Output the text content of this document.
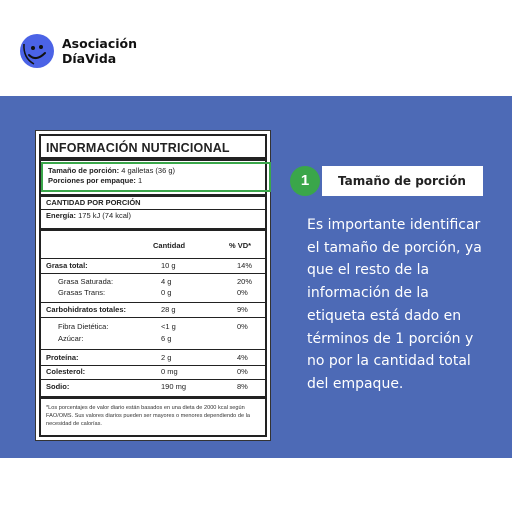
Asociación
DíaVida
INFORMACIÓN NUTRICIONAL
Tamaño de porción: 4 galletas (36 g)
Porciones por empaque: 1
CANTIDAD POR PORCIÓN
Energía: 175 kJ (74 kcal)
Cantidad	% VD*
Grasa total:	10 g	14%
Grasa Saturada:	4 g	20%
Grasas Trans:	0 g	0%
Carbohidratos totales:	28 g	9%
Fibra Dietética:	<1 g	0%
Azúcar:	6 g
Proteína:	2 g	4%
Colesterol:	0 mg	0%
Sodio:	190 mg	8%
*Los porcentajes de valor diario están basados en una dieta de 2000 kcal según FAO/OMS. Sus valores diarios pueden ser mayores o menores dependiendo de la necesidad de calorías.
1	Tamaño de porción
Es importante identificar el tamaño de porción, ya que el resto de la información de la etiqueta está dado en términos de 1 porción y no por la cantidad total del empaque.
